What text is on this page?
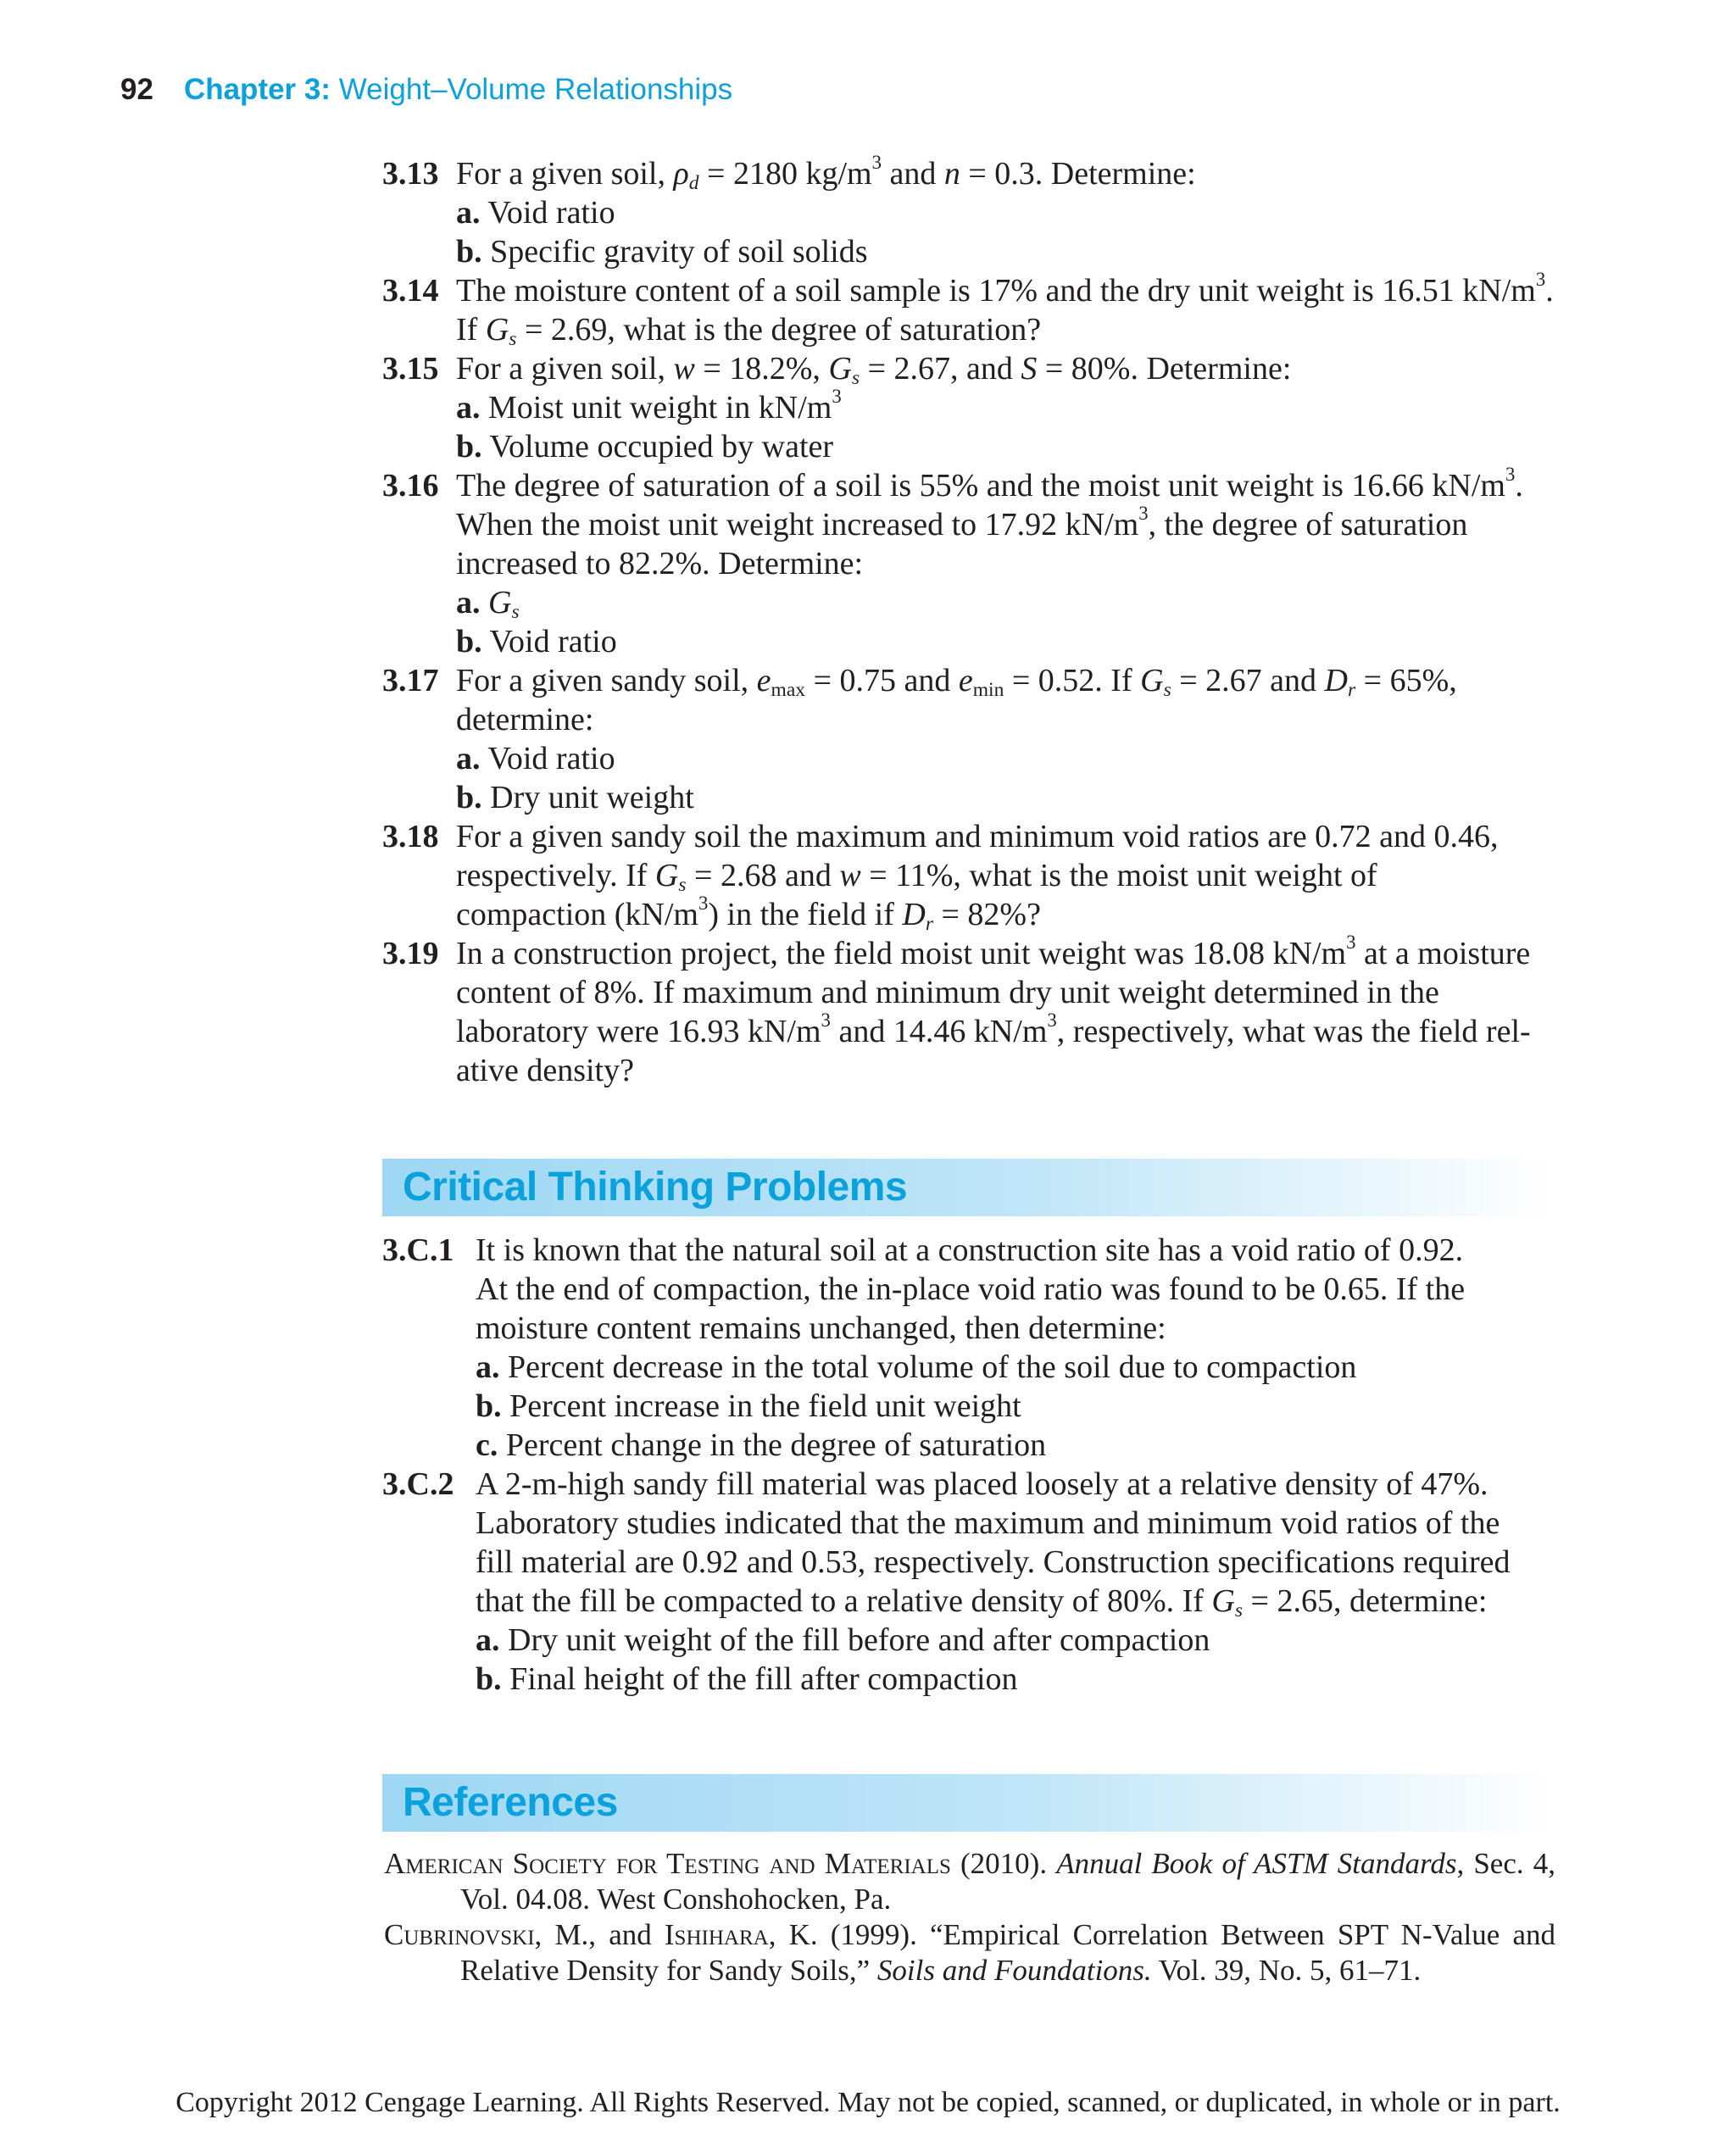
92 Chapter 3: Weight–Volume Relationships
3.13 For a given soil, $\rho_d = 2180$ $kg/m^3$ and n = 0.3. Determine:
a. Void ratio
b. Specific gravity of soil solids
3.14 The moisture content of a soil sample is 17% and the dry unit weight is 16.51 $kN/m^3$.
If $G_s = 2.69$, what is the degree of saturation?
3.15 For a given soil, w = 18.2%, $G_s = 2.67$, and S = 80%. Determine:
a. Moist unit weight in $kN/m^3$
b. Volume occupied by water
3.16 The degree of saturation of a soil is 55% and the moist unit weight is 16.66 $kN/m^3$.
When the moist unit weight increased to 17.92 $kN/m^3$, the degree of saturation
increased to 82.2%. Determine:
a. $G_s$
b. Void ratio
3.17 For a given sandy soil, $e_{max} = 0.75$ and $e_{min} = 0.52$. If $G_s = 2.67$ and $D_r = 65\%$,
determine:
a. Void ratio
b. Dry unit weight
3.18 For a given sandy soil the maximum and minimum void ratios are 0.72 and 0.46,
respectively. If $G_s = 2.68$ and w = 11%, what is the moist unit weight of
compaction $(kN/m^3)$ in the field if $D_r = 82\%$?
3.19 In a construction project, the field moist unit weight was 18.08 $kN/m^3$ at a moisture
content of 8%. If maximum and minimum dry unit weight determined in the
laboratory were 16.93 $kN/m^3$ and 14.46 $kN/m^3$, respectively, what was the field rel-
ative density?
Critical Thinking Problems
3.C.1 It is known that the natural soil at a construction site has a void ratio of 0.92.
At the end of compaction, the in-place void ratio was found to be 0.65. If the
moisture content remains unchanged, then determine:
a. Percent decrease in the total volume of the soil due to compaction
b. Percent increase in the field unit weight
c. Percent change in the degree of saturation
3.C.2 A 2-m-high sandy fill material was placed loosely at a relative density of 47%.
Laboratory studies indicated that the maximum and minimum void ratios of the
fill material are 0.92 and 0.53, respectively. Construction specifications required
that the fill be compacted to a relative density of 80%. If $G_s = 2.65$, determine:
a. Dry unit weight of the fill before and after compaction
b. Final height of the fill after compaction
References
American Society for Testing and Materials (2010). Annual Book of ASTM Standards, Sec. 4,
Vol. 04.08. West Conshohocken, Pa.
Cubrinovski, M., and Ishihara, K. (1999). “Empirical Correlation Between SPT N-Value and
Relative Density for Sandy Soils,” Soils and Foundations. Vol. 39, No. 5, 61–71.
Copyright 2012 Cengage Learning. All Rights Reserved. May not be copied, scanned, or duplicated, in whole or in part.
